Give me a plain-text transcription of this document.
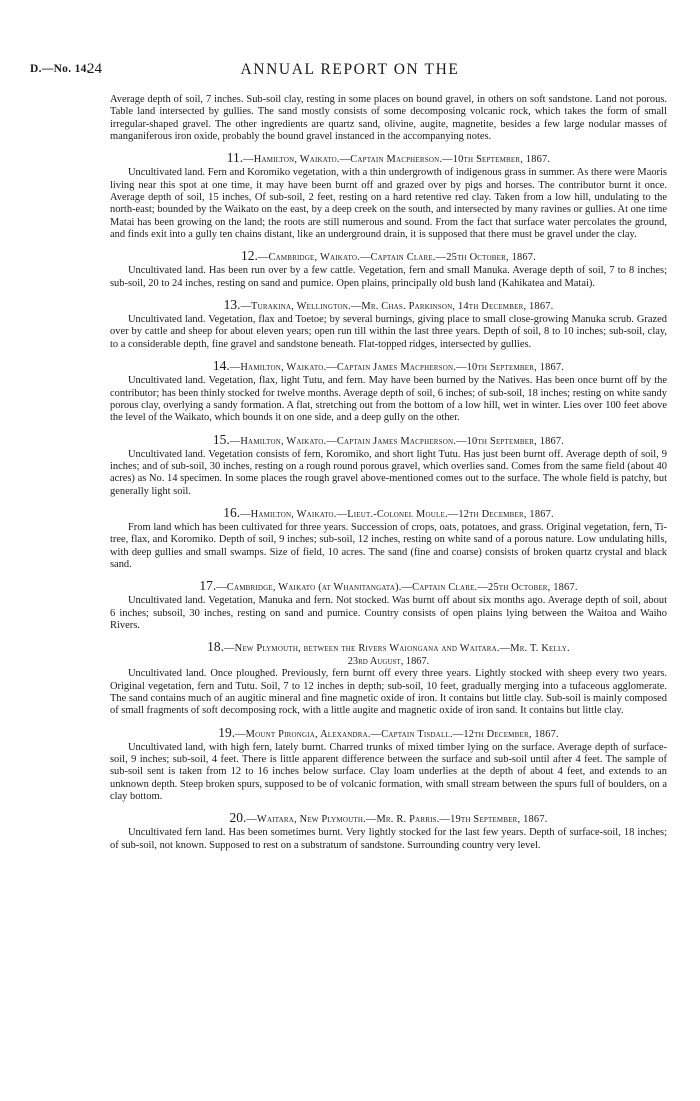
D.—No. 14.
24	ANNUAL REPORT ON THE

Average depth of soil, 7 inches. Sub-soil clay, resting in some places on bound gravel, in others on soft sandstone. Land not porous. Table land intersected by gullies. The sand mostly consists of some decomposing volcanic rock, which takes the form of small irregular-shaped gravel. The other ingredients are quartz sand, olivine, augite, magnetite, besides a few large nodular masses of manganiferous iron oxide, probably the bound gravel instanced in the accompanying notes.

11.—Hamilton, Waikato.—Captain Macpherson.—10th September, 1867.

Uncultivated land. Fern and Koromiko vegetation, with a thin undergrowth of indigenous grass in summer. As there were Maoris living near this spot at one time, it may have been burnt off and grazed over by pigs and horses. The contributor burnt it once. Average depth of soil, 15 inches, Of sub-soil, 2 feet, resting on a hard retentive red clay. Taken from a low hill, undulating to the north-east; bounded by the Waikato on the east, by a deep creek on the south, and intersected by many ravines or gullies. At one time Matai has been growing on the land; the roots are still numerous and sound. From the fact that surface water percolates the ground, and finds exit into a gully ten chains distant, like an underground drain, it is supposed that there must be gravel under the clay.

12.—Cambridge, Waikato.—Captain Clare.—25th October, 1867.

Uncultivated land. Has been run over by a few cattle. Vegetation, fern and small Manuka. Average depth of soil, 7 to 8 inches; sub-soil, 20 to 24 inches, resting on sand and pumice. Open plains, principally old bush land (Kahikatea and Matai).

13.—Turakina, Wellington.—Mr. Chas. Parkinson, 14th December, 1867.

Uncultivated land. Vegetation, flax and Toetoe; by several burnings, giving place to small close-growing Manuka scrub. Grazed over by cattle and sheep for about eleven years; open run till within the last three years. Depth of soil, 8 to 10 inches; sub-soil, clay, to a considerable depth, fine gravel and sandstone beneath. Flat-topped ridges, intersected by gullies.

14.—Hamilton, Waikato.—Captain James Macpherson.—10th September, 1867.

Uncultivated land. Vegetation, flax, light Tutu, and fern. May have been burned by the Natives. Has been once burnt off by the contributor; has been thinly stocked for twelve months. Average depth of soil, 6 inches; of sub-soil, 18 inches; resting on white sandy porous clay, overlying a sandy formation. A flat, stretching out from the bottom of a low hill, wet in winter. Lies over 100 feet above the level of the Waikato, which bounds it on one side, and a deep gully on the other.

15.—Hamilton, Waikato.—Captain James Macpherson.—10th September, 1867.

Uncultivated land. Vegetation consists of fern, Koromiko, and short light Tutu. Has just been burnt off. Average depth of soil, 9 inches; and of sub-soil, 30 inches, resting on a rough round porous gravel, which overlies sand. Comes from the same field (about 40 acres) as No. 14 specimen. In some places the rough gravel above-mentioned comes out to the surface. The whole field is patchy, but generally light soil.

16.—Hamilton, Waikato.—Lieut.-Colonel Moule.—12th December, 1867.

From land which has been cultivated for three years. Succession of crops, oats, potatoes, and grass. Original vegetation, fern, Ti-tree, flax, and Koromiko. Depth of soil, 9 inches; sub-soil, 12 inches, resting on white sand of a porous nature. Low undulating hills, with deep gullies and small swamps. Size of field, 10 acres. The sand (fine and coarse) consists of broken quartz crystal and black sand.

17.—Cambridge, Waikato (at Whanitangata).—Captain Clare.—25th October, 1867.

Uncultivated land. Vegetation, Manuka and fern. Not stocked. Was burnt off about six months ago. Average depth of soil, about 6 inches; subsoil, 30 inches, resting on sand and pumice. Country consists of open plains lying between the Waitoa and Waiho Rivers.

18.—New Plymouth, between the Rivers Waiongana and Waitara.—Mr. T. Kelly.
23rd August, 1867.

Uncultivated land. Once ploughed. Previously, fern burnt off every three years. Lightly stocked with sheep every two years. Original vegetation, fern and Tutu. Soil, 7 to 12 inches in depth; sub-soil, 10 feet, gradually merging into a tufaceous agglomerate. The sand contains much of an augitic mineral and fine magnetic oxide of iron. It contains but little clay. Sub-soil is mainly composed of small fragments of soft decomposing rock, with a little augite and magnetic oxide of iron sand. It contains but little clay.

19.—Mount Pirongia, Alexandra.—Captain Tisdall.—12th December, 1867.

Uncultivated land, with high fern, lately burnt. Charred trunks of mixed timber lying on the surface. Average depth of surface-soil, 9 inches; sub-soil, 4 feet. There is little apparent difference between the surface and sub-soil until after 4 feet. The sample of sub-soil sent is taken from 12 to 16 inches below surface. Clay loam underlies at the depth of about 4 feet, and extends to an unknown depth. Steep broken spurs, supposed to be of volcanic formation, with small stream between the spurs full of boulders, on a clay bottom.

20.—Waitara, New Plymouth.—Mr. R. Parris.—19th September, 1867.

Uncultivated fern land. Has been sometimes burnt. Very lightly stocked for the last few years. Depth of surface-soil, 18 inches; of sub-soil, not known. Supposed to rest on a substratum of sandstone. Surrounding country very level.
